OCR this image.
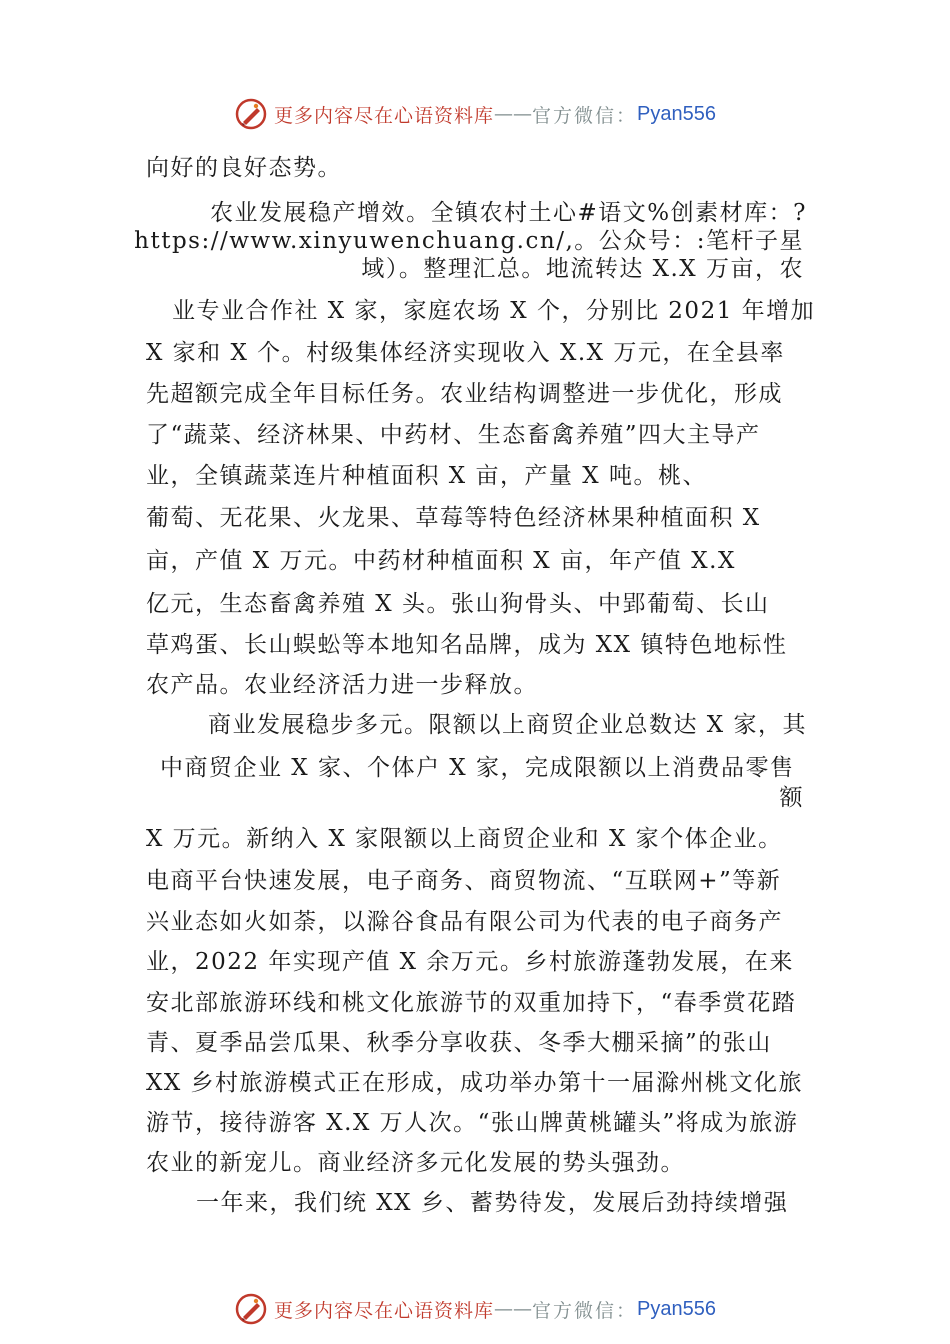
更多内容尽在心语资料库 —— 官方微信： Pyan556
向好的良好态势。
农业发展稳产增效。全镇农村土心#语文%创素材库：?
https://www.xinyuwenchuang.cn/,。公众号：:笔杆子星
域）。整理汇总。地流转达 X.X 万亩，农
业专业合作社 X 家，家庭农场 X 个，分别比 2021 年增加
X 家和 X 个。村级集体经济实现收入 X.X 万元，在全县率
先超额完成全年目标任务。农业结构调整进一步优化，形成
了“蔬菜、经济林果、中药材、生态畜禽养殖”四大主导产
业，全镇蔬菜连片种植面积 X 亩，产量 X 吨。桃、
葡萄、无花果、火龙果、草莓等特色经济林果种植面积 X
亩，产值 X 万元。中药材种植面积 X 亩，年产值 X.X
亿元，生态畜禽养殖 X 头。张山狗骨头、中郢葡萄、长山
草鸡蛋、长山蜈蚣等本地知名品牌，成为 XX 镇特色地标性
农产品。农业经济活力进一步释放。
商业发展稳步多元。限额以上商贸企业总数达 X 家，其
中商贸企业 X 家、个体户 X 家，完成限额以上消费品零售
额
X 万元。新纳入 X 家限额以上商贸企业和 X 家个体企业。
电商平台快速发展，电子商务、商贸物流、“互联网+”等新
兴业态如火如荼，以滁谷食品有限公司为代表的电子商务产
业，2022 年实现产值 X 余万元。乡村旅游蓬勃发展，在来
安北部旅游环线和桃文化旅游节的双重加持下，“春季赏花踏
青、夏季品尝瓜果、秋季分享收获、冬季大棚采摘”的张山
XX 乡村旅游模式正在形成，成功举办第十一届滁州桃文化旅
游节，接待游客 X.X 万人次。“张山牌黄桃罐头”将成为旅游
农业的新宠儿。商业经济多元化发展的势头强劲。
一年来，我们统 XX 乡、蓄势待发，发展后劲持续增强
更多内容尽在心语资料库 —— 官方微信： Pyan556
